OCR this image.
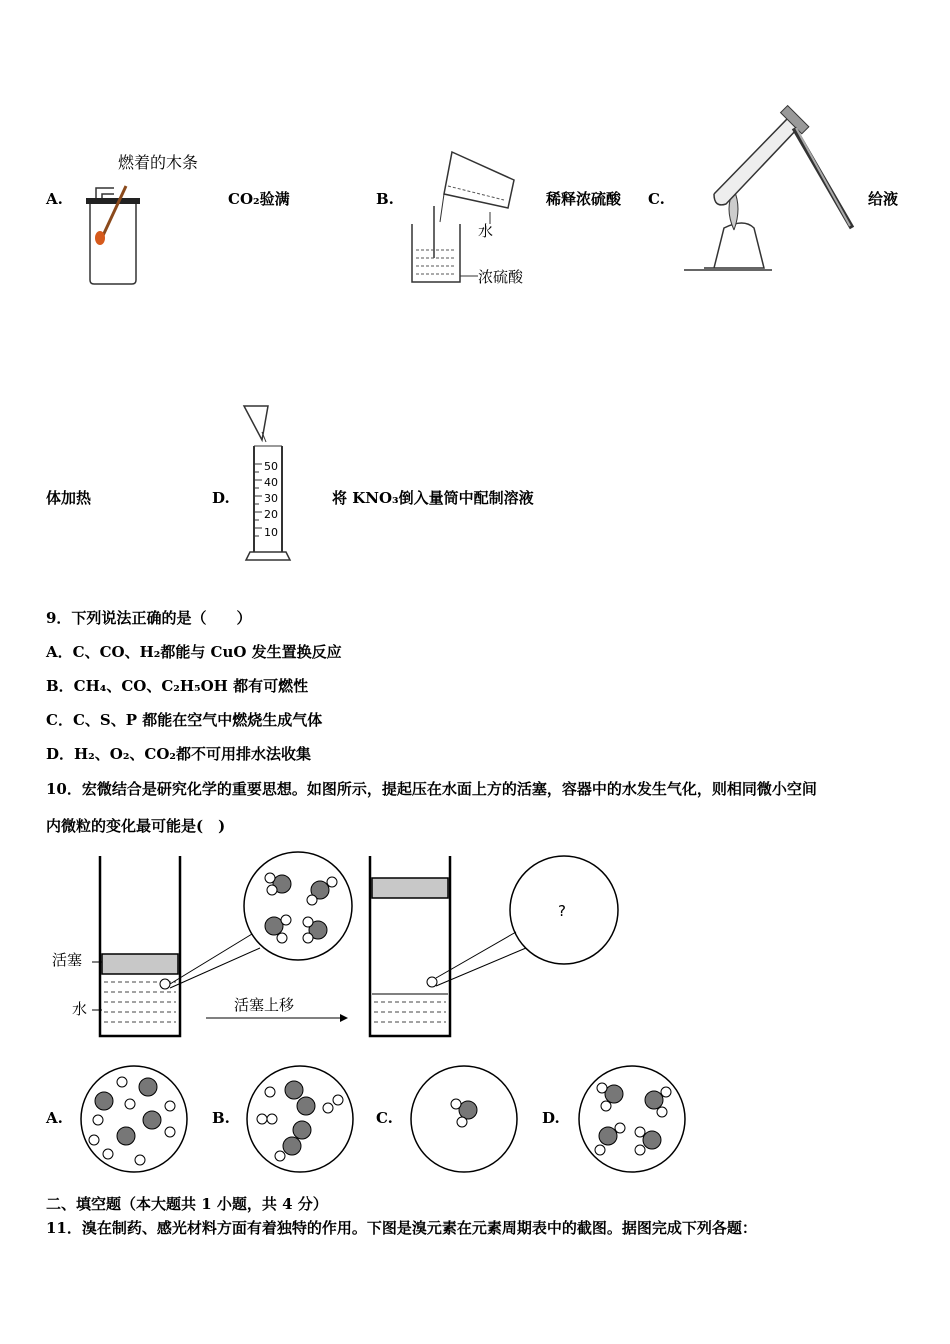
燃着的木条
A.	CO₂验满	B.
水
浓硫酸
稀释浓硫酸 C.	给液
体加热	D.
50
40
30
20
10
将 KNO₃倒入量筒中配制溶液
9．下列说法正确的是（　　）
A．C、CO、H₂都能与 CuO 发生置换反应
B．CH₄、CO、C₂H₅OH 都有可燃性
C．C、S、P 都能在空气中燃烧生成气体
D．H₂、O₂、CO₂都不可用排水法收集
10．宏微结合是研究化学的重要思想。如图所示，提起压在水面上方的活塞，容器中的水发生气化，则相同微小空间
内微粒的变化最可能是(　)
活塞
水	活塞上移
?
A.	B.	C.	D.
二、填空题（本大题共 1 小题，共 4 分）
11．溴在制药、感光材料方面有着独特的作用。下图是溴元素在元素周期表中的截图。据图完成下列各题：
